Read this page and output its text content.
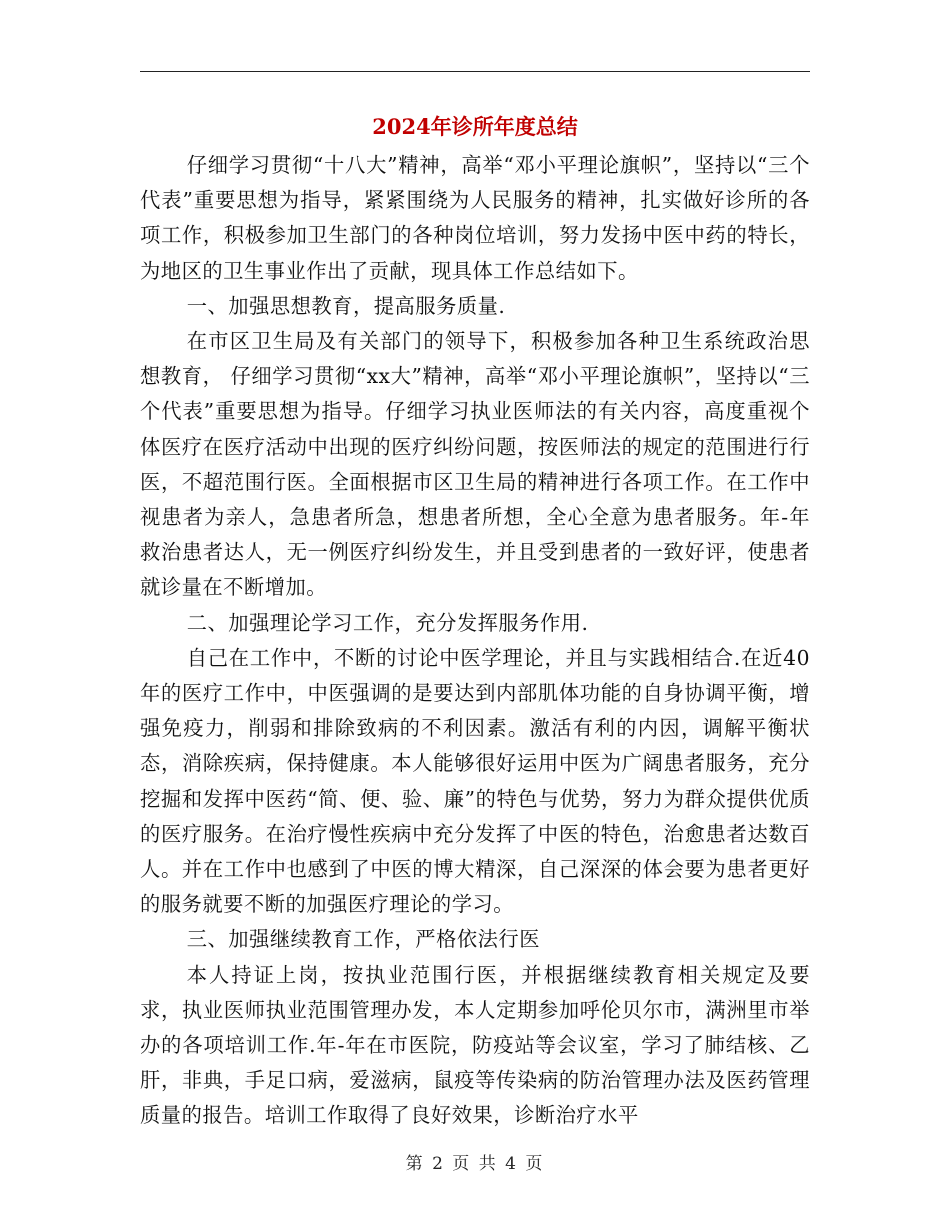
2024年诊所年度总结

仔细学习贯彻“十八大”精神，高举“邓小平理论旗帜”，坚持以“三个代表”重要思想为指导，紧紧围绕为人民服务的精神，扎实做好诊所的各项工作，积极参加卫生部门的各种岗位培训，努力发扬中医中药的特长，为地区的卫生事业作出了贡献，现具体工作总结如下。

一、加强思想教育，提高服务质量.

在市区卫生局及有关部门的领导下，积极参加各种卫生系统政治思想教育， 仔细学习贯彻“xx大”精神，高举“邓小平理论旗帜”，坚持以“三个代表”重要思想为指导。仔细学习执业医师法的有关内容，高度重视个体医疗在医疗活动中出现的医疗纠纷问题，按医师法的规定的范围进行行医，不超范围行医。全面根据市区卫生局的精神进行各项工作。在工作中视患者为亲人，急患者所急，想患者所想，全心全意为患者服务。年-年救治患者达人，无一例医疗纠纷发生，并且受到患者的一致好评，使患者就诊量在不断增加。

二、加强理论学习工作，充分发挥服务作用.

自己在工作中，不断的讨论中医学理论，并且与实践相结合.在近40年的医疗工作中，中医强调的是要达到内部肌体功能的自身协调平衡，增强免疫力，削弱和排除致病的不利因素。激活有利的内因，调解平衡状态，消除疾病，保持健康。本人能够很好运用中医为广阔患者服务，充分挖掘和发挥中医药“简、便、验、廉”的特色与优势，努力为群众提供优质的医疗服务。在治疗慢性疾病中充分发挥了中医的特色，治愈患者达数百人。并在工作中也感到了中医的博大精深，自己深深的体会要为患者更好的服务就要不断的加强医疗理论的学习。

三、加强继续教育工作，严格依法行医

本人持证上岗，按执业范围行医，并根据继续教育相关规定及要求，执业医师执业范围管理办发，本人定期参加呼伦贝尔市，满洲里市举办的各项培训工作.年-年在市医院，防疫站等会议室，学习了肺结核、乙肝，非典，手足口病，爱滋病，鼠疫等传染病的防治管理办法及医药管理质量的报告。培训工作取得了良好效果，诊断治疗水平

第 2 页 共 4 页
